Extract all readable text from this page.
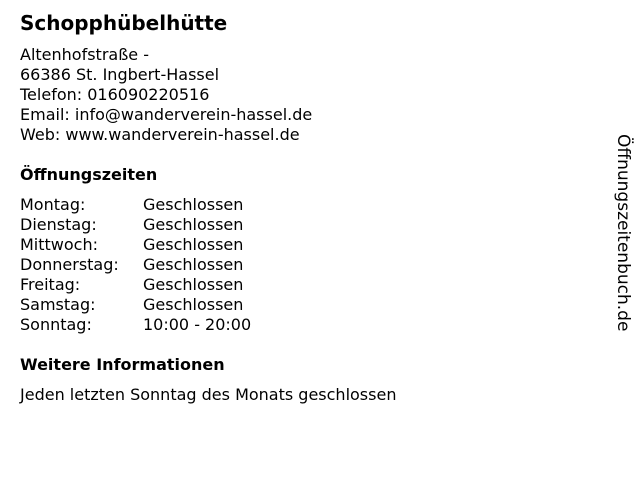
Schopphübelhütte
Altenhofstraße -
66386 St. Ingbert-Hassel
Telefon: 016090220516
Email: info@wanderverein-hassel.de
Web: www.wanderverein-hassel.de
Öffnungszeiten
Montag:	Geschlossen
Dienstag:	Geschlossen
Mittwoch:	Geschlossen
Donnerstag:	Geschlossen
Freitag:	Geschlossen
Samstag:	Geschlossen
Sonntag:	10:00 - 20:00
Weitere Informationen
Jeden letzten Sonntag des Monats geschlossen
Öffnungszeitenbuch.de
